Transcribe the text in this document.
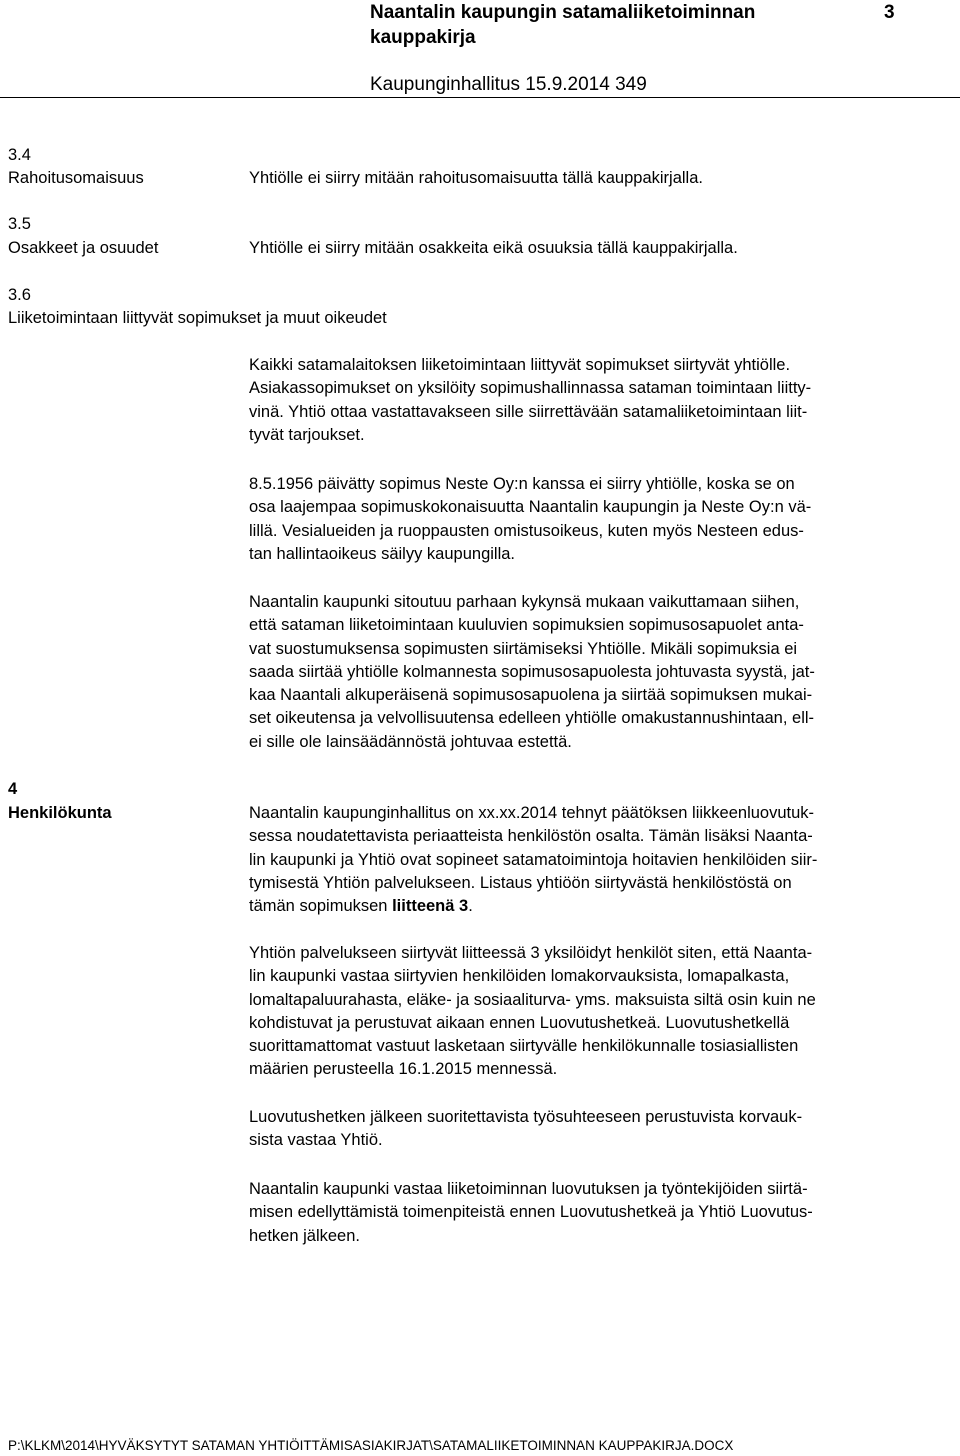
Naantalin kaupungin satamaliiketoiminnan
kauppakirja
3
Kaupunginhallitus 15.9.2014 349
3.4
Rahoitusomaisuus	Yhtiölle ei siirry mitään rahoitusomaisuutta tällä kauppakirjalla.
3.5
Osakkeet ja osuudet	Yhtiölle ei siirry mitään osakkeita eikä osuuksia tällä kauppakirjalla.
3.6
Liiketoimintaan liittyvät sopimukset ja muut oikeudet
Kaikki satamalaitoksen liiketoimintaan liittyvät sopimukset siirtyvät yhtiölle.
Asiakassopimukset on yksilöity sopimushallinnassa sataman toimintaan liitty-
vinä. Yhtiö ottaa vastattavakseen sille siirrettävään satamaliiketoimintaan liit-
tyvät tarjoukset.
8.5.1956 päivätty sopimus Neste Oy:n kanssa ei siirry yhtiölle, koska se on
osa laajempaa sopimuskokonaisuutta Naantalin kaupungin ja Neste Oy:n vä-
lillä. Vesialueiden ja ruoppausten omistusoikeus, kuten myös Nesteen edus-
tan hallintaoikeus säilyy kaupungilla.
Naantalin kaupunki sitoutuu parhaan kykynsä mukaan vaikuttamaan siihen,
että sataman liiketoimintaan kuuluvien sopimuksien sopimusosapuolet anta-
vat suostumuksensa sopimusten siirtämiseksi Yhtiölle. Mikäli sopimuksia ei
saada siirtää yhtiölle kolmannesta sopimusosapuolesta johtuvasta syystä, jat-
kaa Naantali alkuperäisenä sopimusosapuolena ja siirtää sopimuksen mukai-
set oikeutensa ja velvollisuutensa edelleen yhtiölle omakustannushintaan, ell-
ei sille ole lainsäädännöstä johtuvaa estettä.
4
Henkilökunta	Naantalin kaupunginhallitus on xx.xx.2014 tehnyt päätöksen liikkeenluovutuk-
sessa noudatettavista periaatteista henkilöstön osalta. Tämän lisäksi Naanta-
lin kaupunki ja Yhtiö ovat sopineet satamatoimintoja hoitavien henkilöiden siir-
tymisestä Yhtiön palvelukseen. Listaus yhtiöön siirtyvästä henkilöstöstä on
tämän sopimuksen liitteenä 3.
Yhtiön palvelukseen siirtyvät liitteessä 3 yksilöidyt henkilöt siten, että Naanta-
lin kaupunki vastaa siirtyvien henkilöiden lomakorvauksista, lomapalkasta,
lomaltapaluurahasta, eläke- ja sosiaaliturva- yms. maksuista siltä osin kuin ne
kohdistuvat ja perustuvat aikaan ennen Luovutushetkeä. Luovutushetkellä
suorittamattomat vastuut lasketaan siirtyvälle henkilökunnalle tosiasiallisten
määrien perusteella 16.1.2015 mennessä.
Luovutushetken jälkeen suoritettavista työsuhteeseen perustuvista korvauk-
sista vastaa Yhtiö.
Naantalin kaupunki vastaa liiketoiminnan luovutuksen ja työntekijöiden siirtä-
misen edellyttämistä toimenpiteistä ennen Luovutushetkeä ja Yhtiö Luovutus-
hetken jälkeen.
P:\KLKM\2014\HYVÄKSYTYT SATAMAN YHTIÖITTÄMISASIAKIRJAT\SATAMALIIKETOIMINNAN KAUPPAKIRJA.DOCX
